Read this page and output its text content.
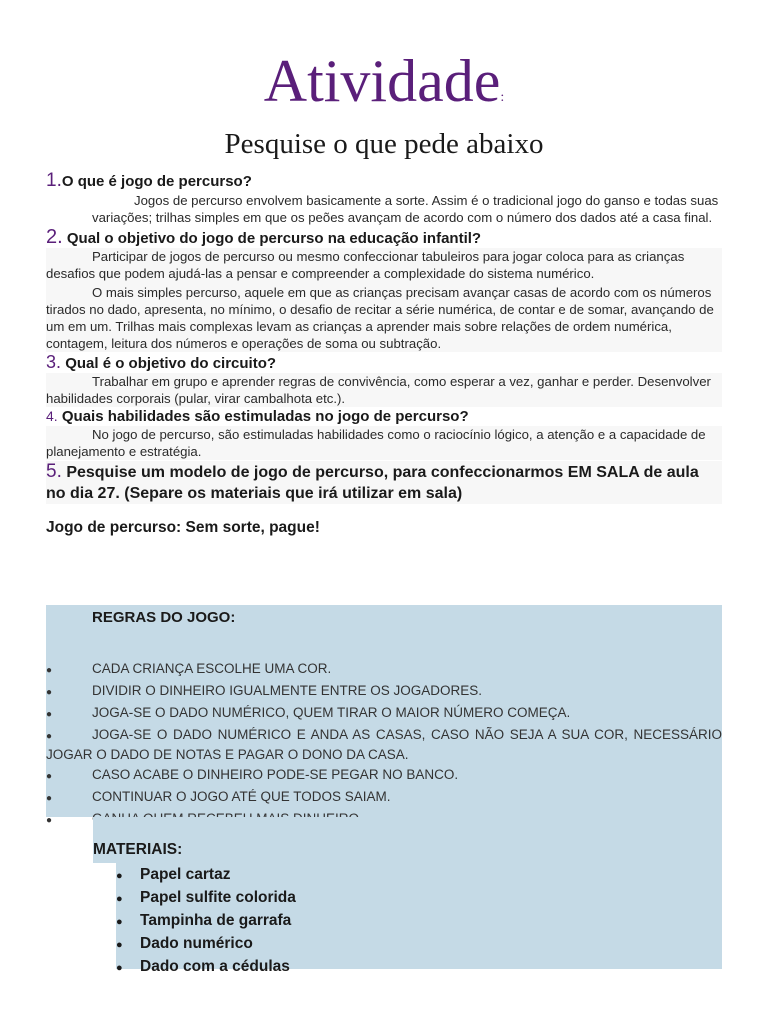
Atividade:
Pesquise o que pede abaixo

1.O que é jogo de percurso?

Jogos de percurso envolvem basicamente a sorte. Assim é o tradicional jogo do ganso e todas suas variações; trilhas simples em que os peões avançam de acordo com o número dos dados até a casa final.

2. Qual o objetivo do jogo de percurso na educação infantil?

Participar de jogos de percurso ou mesmo confeccionar tabuleiros para jogar coloca para as crianças desafios que podem ajudá-las a pensar e compreender a complexidade do sistema numérico.

O mais simples percurso, aquele em que as crianças precisam avançar casas de acordo com os números tirados no dado, apresenta, no mínimo, o desafio de recitar a série numérica, de contar e de somar, avançando de um em um. Trilhas mais complexas levam as crianças a aprender mais sobre relações de ordem numérica, contagem, leitura dos números e operações de soma ou subtração.

3. Qual é o objetivo do circuito?

Trabalhar em grupo e aprender regras de convivência, como esperar a vez, ganhar e perder. Desenvolver habilidades corporais (pular, virar cambalhota etc.).

4. Quais habilidades são estimuladas no jogo de percurso?

No jogo de percurso, são estimuladas habilidades como o raciocínio lógico, a atenção e a capacidade de planejamento e estratégia.

5. Pesquise um modelo de jogo de percurso, para confeccionarmos EM SALA de aula no dia 27. (Separe os materiais que irá utilizar em sala)

Jogo de percurso: Sem sorte, pague!

REGRAS DO JOGO:
●	CADA CRIANÇA ESCOLHE UMA COR.
●	DIVIDIR O DINHEIRO IGUALMENTE ENTRE OS JOGADORES.
●	JOGA-SE O DADO NUMÉRICO, QUEM TIRAR O MAIOR NÚMERO COMEÇA.
●	JOGA-SE O DADO NUMÉRICO E ANDA AS CASAS, CASO NÃO SEJA A SUA COR, NECESSÁRIO JOGAR O DADO DE NOTAS E PAGAR O DONO DA CASA.
●	CASO ACABE O DINHEIRO PODE-SE PEGAR NO BANCO.
●	CONTINUAR O JOGO ATÉ QUE TODOS SAIAM.
●
MATERIAIS:
● Papel cartaz
● Papel sulfite colorida
● Tampinha de garrafa
● Dado numérico
● Dado com a cédulas
